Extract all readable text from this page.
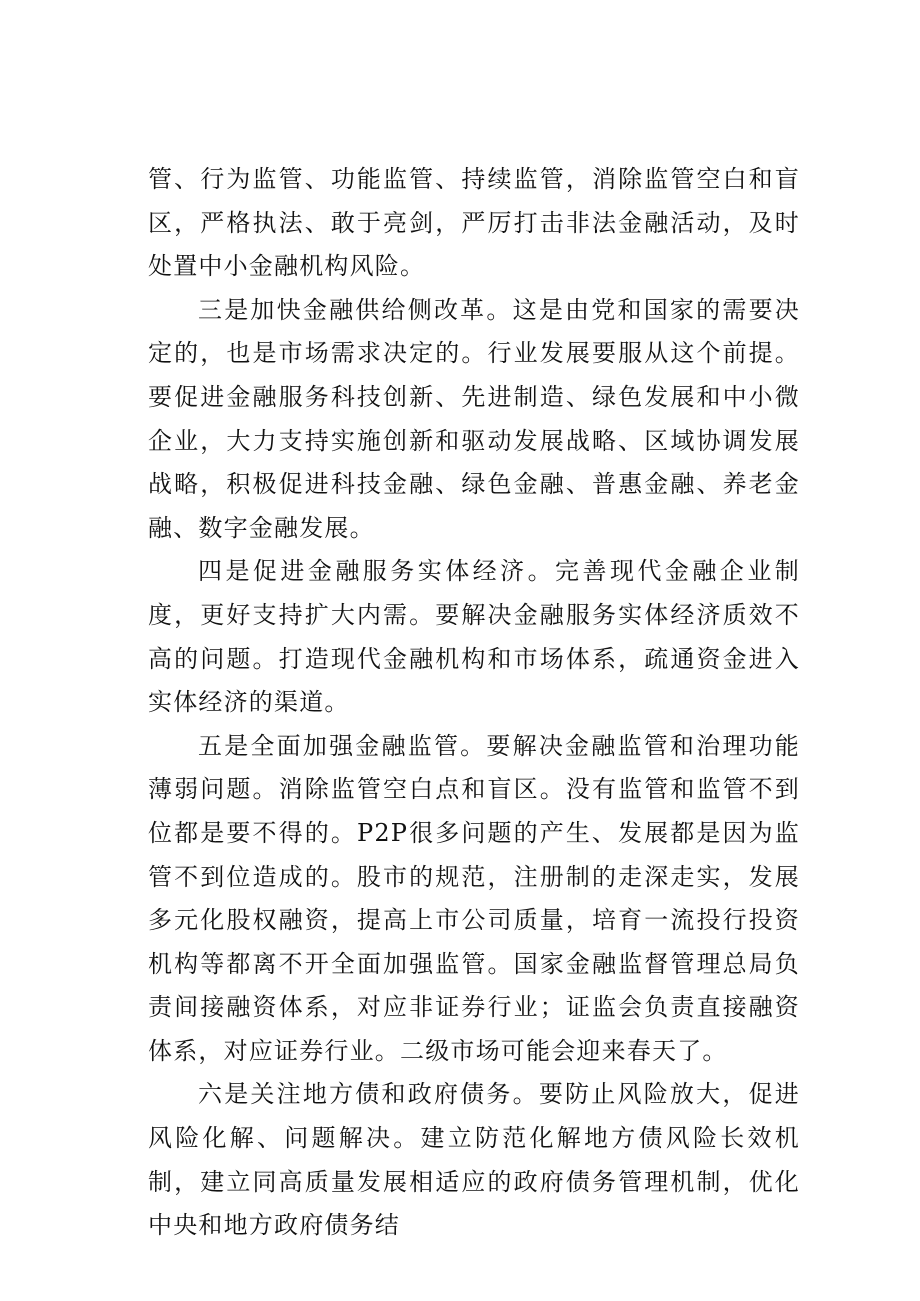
管、行为监管、功能监管、持续监管，消除监管空白和盲区，严格执法、敢于亮剑，严厉打击非法金融活动，及时处置中小金融机构风险。

三是加快金融供给侧改革。这是由党和国家的需要决定的，也是市场需求决定的。行业发展要服从这个前提。要促进金融服务科技创新、先进制造、绿色发展和中小微企业，大力支持实施创新和驱动发展战略、区域协调发展战略，积极促进科技金融、绿色金融、普惠金融、养老金融、数字金融发展。

四是促进金融服务实体经济。完善现代金融企业制度，更好支持扩大内需。要解决金融服务实体经济质效不高的问题。打造现代金融机构和市场体系，疏通资金进入实体经济的渠道。

五是全面加强金融监管。要解决金融监管和治理功能薄弱问题。消除监管空白点和盲区。没有监管和监管不到位都是要不得的。P2P很多问题的产生、发展都是因为监管不到位造成的。股市的规范，注册制的走深走实，发展多元化股权融资，提高上市公司质量，培育一流投行投资机构等都离不开全面加强监管。国家金融监督管理总局负责间接融资体系，对应非证券行业；证监会负责直接融资体系，对应证券行业。二级市场可能会迎来春天了。

六是关注地方债和政府债务。要防止风险放大，促进风险化解、问题解决。建立防范化解地方债风险长效机制，建立同高质量发展相适应的政府债务管理机制，优化中央和地方政府债务结
